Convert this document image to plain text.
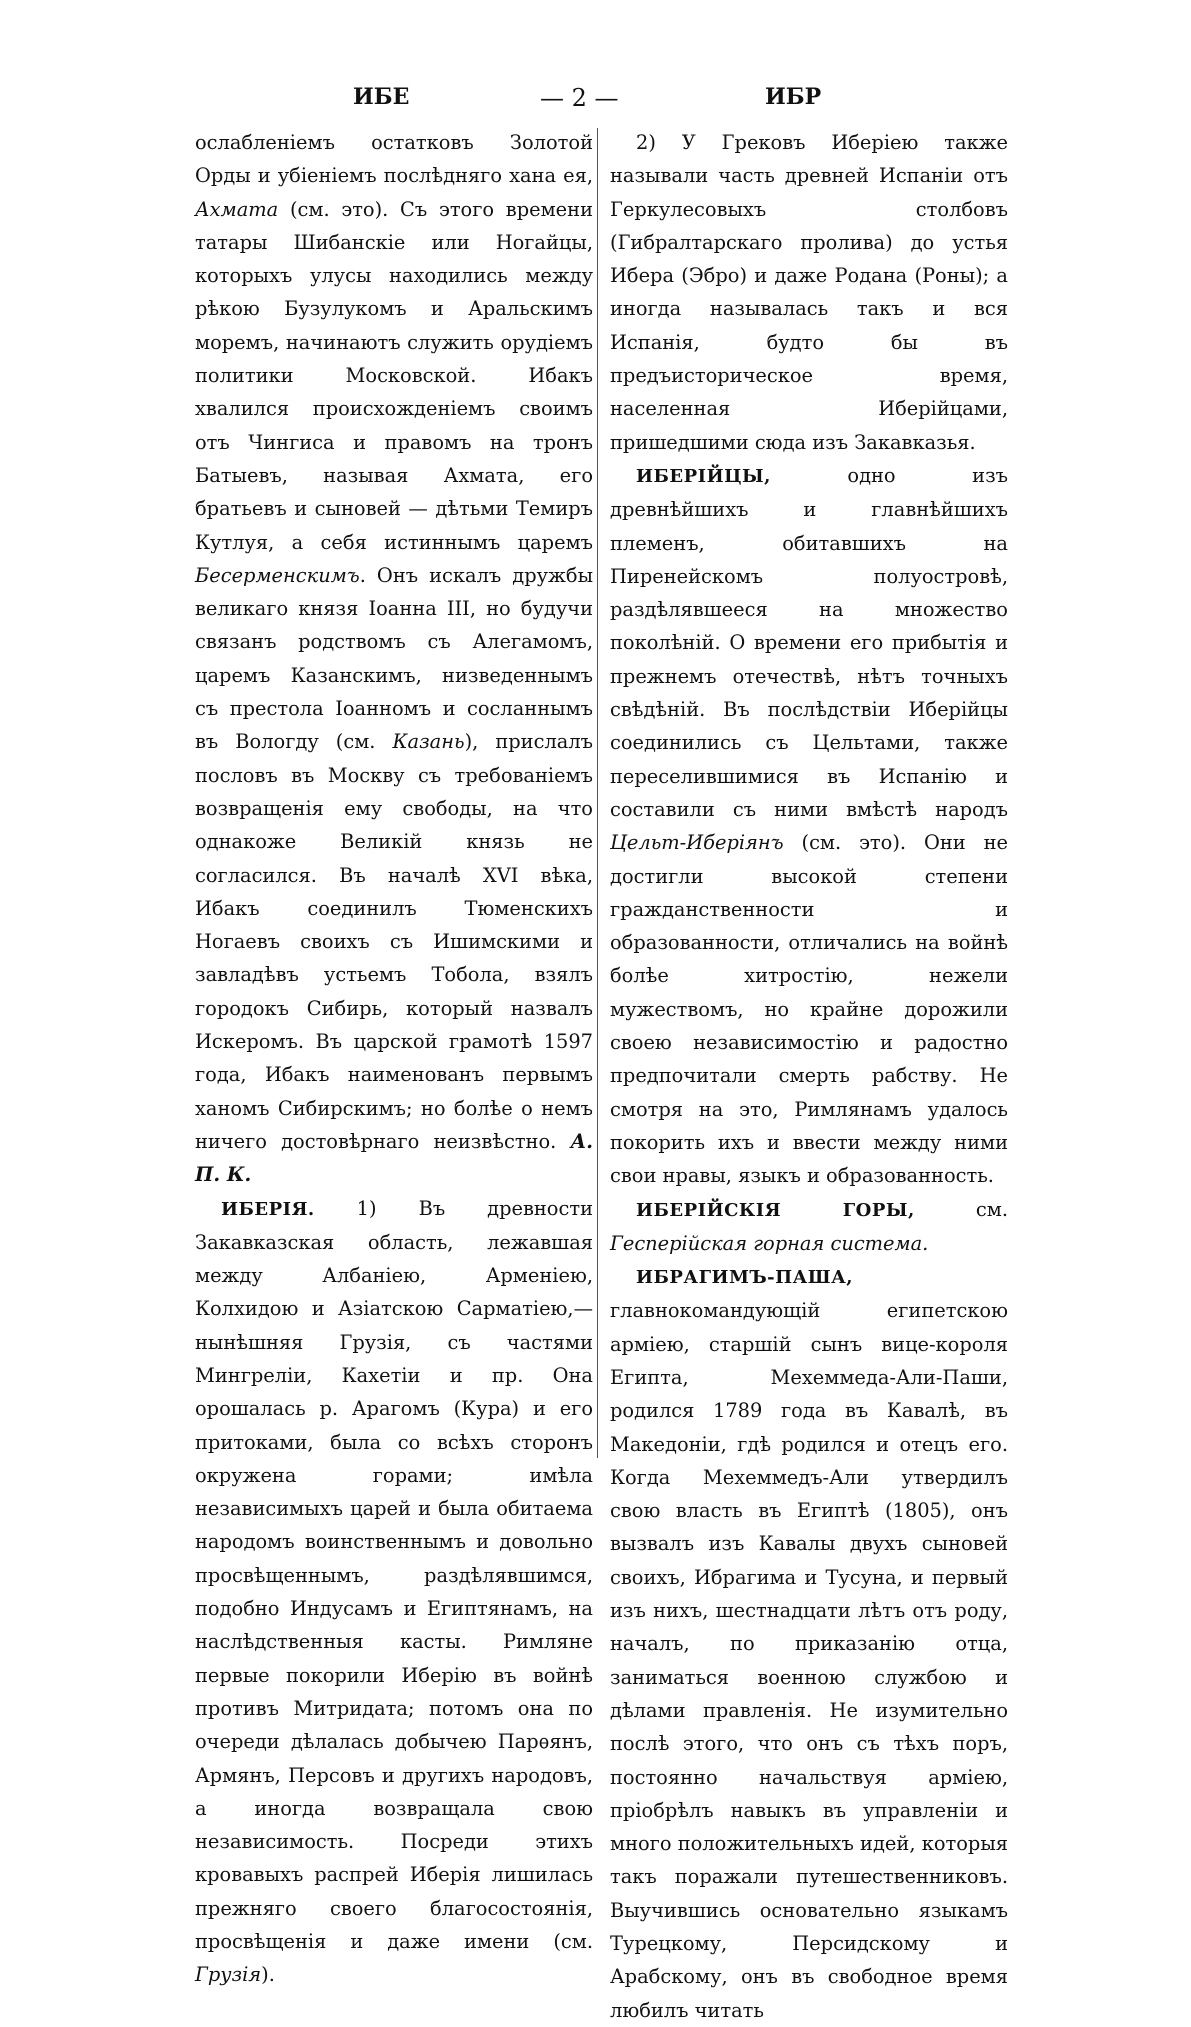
ИБЕ	— 2 —	ИБР

ослабленіемъ остатковъ Золотой Орды и убіеніемъ послѣдняго хана ея, Ахмата (см. это). Съ этого времени татары Шибанскіе или Ногайцы, которыхъ улусы находились между рѣкою Бузулукомъ и Аральскимъ моремъ, начинаютъ служить орудіемъ политики Московской. Ибакъ хвалился происхожденіемъ своимъ отъ Чингиса и правомъ на тронъ Батыевъ, называя Ахмата, его братьевъ и сыновей — дѣтьми Темиръ Кутлуя, а себя истиннымъ царемъ Бесерменскимъ. Онъ искалъ дружбы великаго князя Іоанна III, но будучи связанъ родствомъ съ Алегамомъ, царемъ Казанскимъ, низведеннымъ съ престола Іоанномъ и сосланнымъ въ Вологду (см. Казань), прислалъ пословъ въ Москву съ требованіемъ возвращенія ему свободы, на что однакоже Великій князь не согласился. Въ началѣ XVI вѣка, Ибакъ соединилъ Тюменскихъ Ногаевъ своихъ съ Ишимскими и завладѣвъ устьемъ Тобола, взялъ городокъ Сибирь, который назвалъ Искеромъ. Въ царской грамотѣ 1597 года, Ибакъ наименованъ первымъ ханомъ Сибирскимъ; но болѣе о немъ ничего достовѣрнаго неизвѣстно. А. П. К.

ИБЕРІЯ. 1) Въ древности Закавказская область, лежавшая между Албаніею, Арменіею, Колхидою и Азіатскою Сарматіею,—нынѣшняя Грузія, съ частями Мингреліи, Кахетіи и пр. Она орошалась р. Арагомъ (Кура) и его притоками, была со всѣхъ сторонъ окружена горами; имѣла независимыхъ царей и была обитаема народомъ воинственнымъ и довольно просвѣщеннымъ, раздѣлявшимся, подобно Индусамъ и Египтянамъ, на наслѣдственныя касты. Римляне первые покорили Иберію въ войнѣ противъ Митридата; потомъ она по очереди дѣлалась добычею Парѳянъ, Армянъ, Персовъ и другихъ народовъ, а иногда возвращала свою независимость. Посреди этихъ кровавыхъ распрей Иберія лишилась прежняго своего благосостоянія, просвѣщенія и даже имени (см. Грузія).

2) У Грековъ Иберіею также называли часть древней Испаніи отъ Геркулесовыхъ столбовъ (Гибралтарскаго пролива) до устья Ибера (Эбро) и даже Родана (Роны); а иногда называлась такъ и вся Испанія, будто бы въ предъисторическое время, населенная Иберійцами, пришедшими сюда изъ Закавказья.

ИБЕРІЙЦЫ, одно изъ древнѣйшихъ и главнѣйшихъ племенъ, обитавшихъ на Пиренейскомъ полуостровѣ, раздѣлявшееся на множество поколѣній. О времени его прибытія и прежнемъ отечествѣ, нѣтъ точныхъ свѣдѣній. Въ послѣдствіи Иберійцы соединились съ Цельтами, также переселившимися въ Испанію и составили съ ними вмѣстѣ народъ Цельт-Иберіянъ (см. это). Они не достигли высокой степени гражданственности и образованности, отличались на войнѣ болѣе хитростію, нежели мужествомъ, но крайне дорожили своею независимостію и радостно предпочитали смерть рабству. Не смотря на это, Римлянамъ удалось покорить ихъ и ввести между ними свои нравы, языкъ и образованность.

ИБЕРІЙСКІЯ ГОРЫ, см. Гесперійская горная система.

ИБРАГИМЪ-ПАША, главнокомандующій египетскою арміею, старшій сынъ вице-короля Египта, Мехеммеда-Али-Паши, родился 1789 года въ Кавалѣ, въ Македоніи, гдѣ родился и отецъ его. Когда Мехеммедъ-Али утвердилъ свою власть въ Египтѣ (1805), онъ вызвалъ изъ Кавалы двухъ сыновей своихъ, Ибрагима и Тусуна, и первый изъ нихъ, шестнадцати лѣтъ отъ роду, началъ, по приказанію отца, заниматься военною службою и дѣлами правленія. Не изумительно послѣ этого, что онъ съ тѣхъ поръ, постоянно начальствуя арміею, пріобрѣлъ навыкъ въ управленіи и много положительныхъ идей, которыя такъ поражали путешественниковъ. Выучившись основательно языкамъ Турецкому, Персидскому и Арабскому, онъ въ свободное время любилъ читать
